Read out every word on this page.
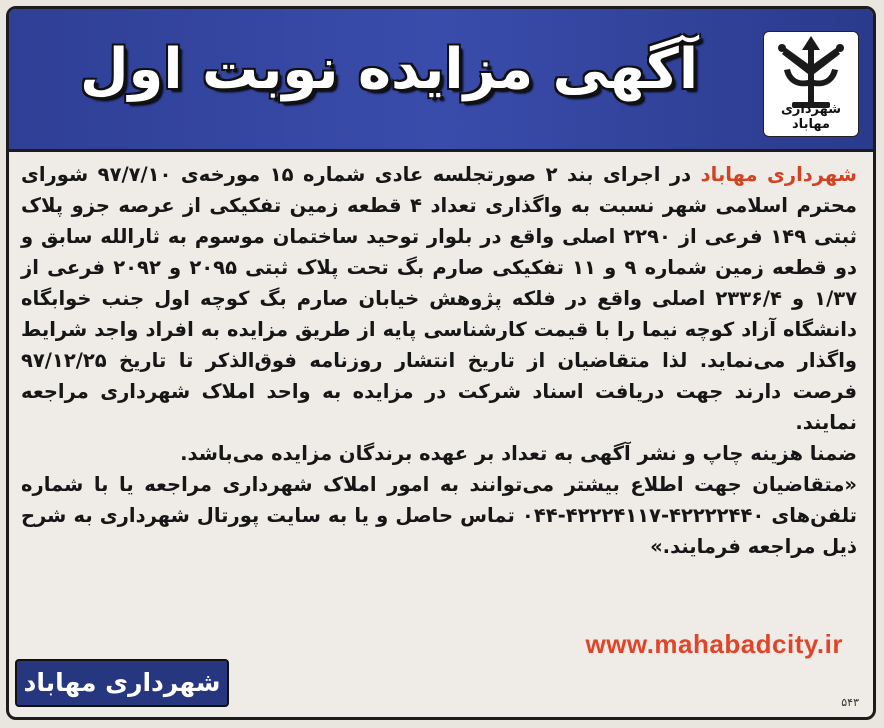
آگهی مزایده نوبت اول
شهرداری مهاباد

شهرداری مهاباد در اجرای بند ۲ صورتجلسه عادی شماره ۱۵ مورخه‌ی ۹۷/۷/۱۰ شورای محترم اسلامی شهر نسبت به واگذاری تعداد ۴ قطعه زمین تفکیکی از عرصه جزو پلاک ثبتی ۱۴۹ فرعی از ۲۲۹۰ اصلی واقع در بلوار توحید ساختمان موسوم به ثارالله سابق و دو قطعه زمین شماره ۹ و ۱۱ تفکیکی صارم بگ تحت پلاک ثبتی ۲۰۹۵ و ۲۰۹۲ فرعی از ۱/۳۷ و ۲۳۳۶/۴ اصلی واقع در فلکه پژوهش خیابان صارم بگ کوچه اول جنب خوابگاه دانشگاه آزاد کوچه نیما را با قیمت کارشناسی پایه از طریق مزایده به افراد واجد شرایط واگذار می‌نماید. لذا متقاضیان از تاریخ انتشار روزنامه فوق‌الذکر تا تاریخ ۹۷/۱۲/۲۵ فرصت دارند جهت دریافت اسناد شرکت در مزایده به واحد املاک شهرداری مراجعه نمایند.

ضمنا هزینه چاپ و نشر آگهی به تعداد بر عهده برندگان مزایده می‌باشد.

«متقاضیان جهت اطلاع بیشتر می‌توانند به امور املاک شهرداری مراجعه یا با شماره تلفن‌های ۴۲۲۲۲۴۴۰-۴۲۲۲۴۱۱۷-۰۴۴ تماس حاصل و یا به سایت پورتال شهرداری به شرح ذیل مراجعه فرمایند.»

www.mahabadcity.ir
شهرداری مهاباد
۵۴۳
